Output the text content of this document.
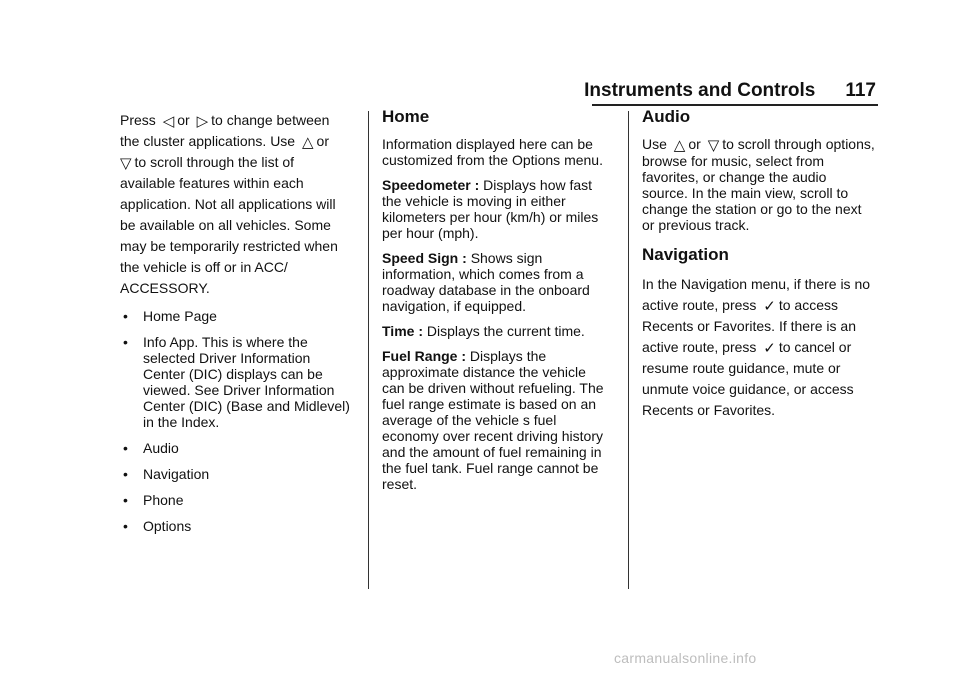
Instruments and Controls 117

Press ◁ or ▷ to change between the cluster applications. Use △ or
▽ to scroll through the list of available features within each application. Not all applications will be available on all vehicles. Some may be temporarily restricted when the vehicle is off or in ACC/ ACCESSORY.

• Home Page
• Info App. This is where the selected Driver Information Center (DIC) displays can be viewed. See Driver Information Center (DIC) (Base and Midlevel) in the Index.
• Audio
• Navigation
• Phone
• Options
Home

Information displayed here can be customized from the Options menu.

Speedometer : Displays how fast the vehicle is moving in either kilometers per hour (km/h) or miles per hour (mph).

Speed Sign : Shows sign information, which comes from a roadway database in the onboard navigation, if equipped.

Time : Displays the current time.

Fuel Range : Displays the approximate distance the vehicle can be driven without refueling. The fuel range estimate is based on an average of the vehicle s fuel economy over recent driving history and the amount of fuel remaining in the fuel tank. Fuel range cannot be reset.

Audio

Use △ or ▽ to scroll through options, browse for music, select from favorites, or change the audio source. In the main view, scroll to change the station or go to the next or previous track.

Navigation

In the Navigation menu, if there is no active route, press ✓ to access Recents or Favorites. If there is an active route, press ✓ to cancel or resume route guidance, mute or unmute voice guidance, or access Recents or Favorites.

carmanualsonline.info
